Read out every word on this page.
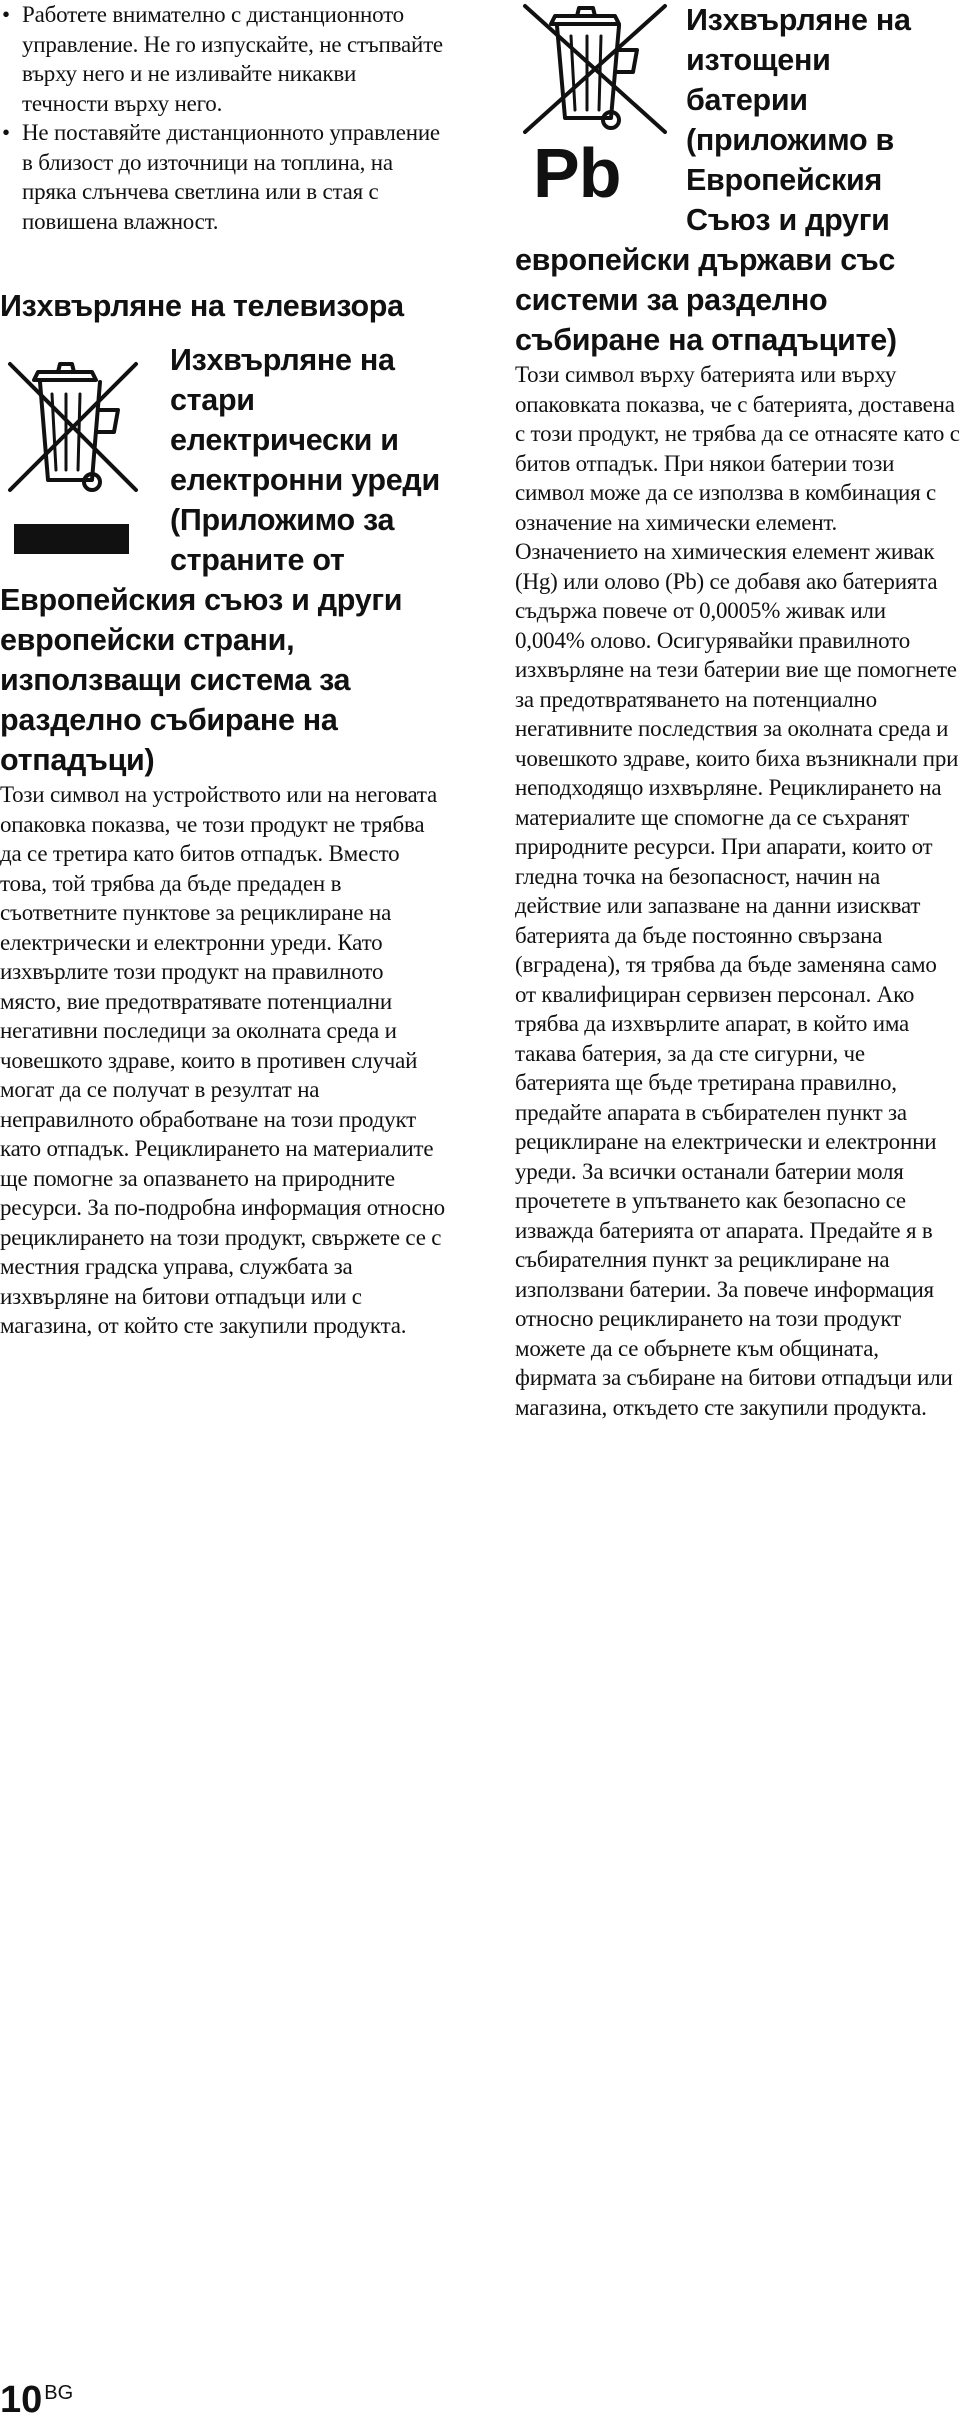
• Работете внимателно с дистанционното управление. Не го изпускайте, не стъпвайте върху него и не изливайте никакви течности върху него.
• Не поставяйте дистанционното управление в близост до източници на топлина, на пряка слънчева светлина или в стая с повишена влажност.
Изхвърляне на телевизора
Изхвърляне на стари електрически и електронни уреди (Приложимо за страните от Европейския съюз и други европейски страни, използващи система за разделно събиране на отпадъци)
Този символ на устройството или на неговата опаковка показва, че този продукт не трябва да се третира като битов отпадък. Вместо това, той трябва да бъде предаден в съответните пунктове за рециклиране на електрически и електронни уреди. Като изхвърлите този продукт на правилното място, вие предотвратявате потенциални негативни последици за околната среда и човешкото здраве, които в противен случай могат да се получат в резултат на неправилното обработване на този продукт като отпадък. Рециклирането на материалите ще помогне за опазването на природните ресурси. За по-подробна информация относно рециклирането на този продукт, свържете се с местния градска управа, службата за изхвърляне на битови отпадъци или с магазина, от който сте закупили продукта.
Pb
Изхвърляне на изтощени батерии (приложимо в Европейския Съюз и други европейски държави със системи за разделно събиране на отпадъците)
Този символ върху батерията или върху опаковката показва, че с батерията, доставена с този продукт, не трябва да се отнасяте като с битов отпадък. При някои батерии този символ може да се използва в комбинация с означение на химически елемент. Означението на химическия елемент живак (Hg) или олово (Pb) се добавя ако батерията съдържа повече от 0,0005% живак или 0,004% олово. Осигурявайки правилното изхвърляне на тези батерии вие ще помогнете за предотвратяването на потенциално негативните последствия за околната среда и човешкото здраве, които биха възникнали при неподходящо изхвърляне. Рециклирането на материалите ще спомогне да се съхранят природните ресурси. При апарати, които от гледна точка на безопасност, начин на действие или запазване на данни изискват батерията да бъде постоянно свързана (вградена), тя трябва да бъде заменяна само от квалифициран сервизен персонал. Ако трябва да изхвърлите апарат, в който има такава батерия, за да сте сигурни, че батерията ще бъде третирана правилно, предайте апарата в събирателен пункт за рециклиране на електрически и електронни уреди. За всички останали батерии моля прочетете в упътването как безопасно се изважда батерията от апарата. Предайте я в събирателния пункт за рециклиране на използвани батерии. За повече информация относно рециклирането на този продукт можете да се обърнете към общината, фирмата за събиране на битови отпадъци или магазина, откъдето сте закупили продукта.
10 BG
